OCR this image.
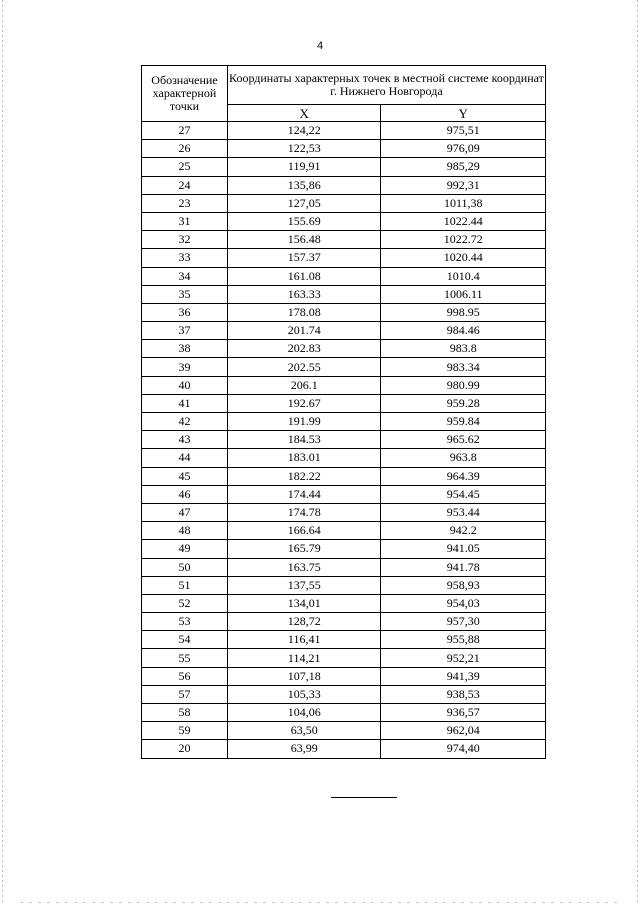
4
Обозначение характерной точки	Координаты характерных точек в местной системе координат г. Нижнего Новгорода	
	X	Y
27	124,22	975,51
26	122,53	976,09
25	119,91	985,29
24	135,86	992,31
23	127,05	1011,38
31	155.69	1022.44
32	156.48	1022.72
33	157.37	1020.44
34	161.08	1010.4
35	163.33	1006.11
36	178.08	998.95
37	201.74	984.46
38	202.83	983.8
39	202.55	983.34
40	206.1	980.99
41	192.67	959.28
42	191.99	959.84
43	184.53	965.62
44	183.01	963.8
45	182.22	964.39
46	174.44	954.45
47	174.78	953.44
48	166.64	942.2
49	165.79	941.05
50	163.75	941.78
51	137,55	958,93
52	134,01	954,03
53	128,72	957,30
54	116,41	955,88
55	114,21	952,21
56	107,18	941,39
57	105,33	938,53
58	104,06	936,57
59	63,50	962,04
20	63,99	974,40
